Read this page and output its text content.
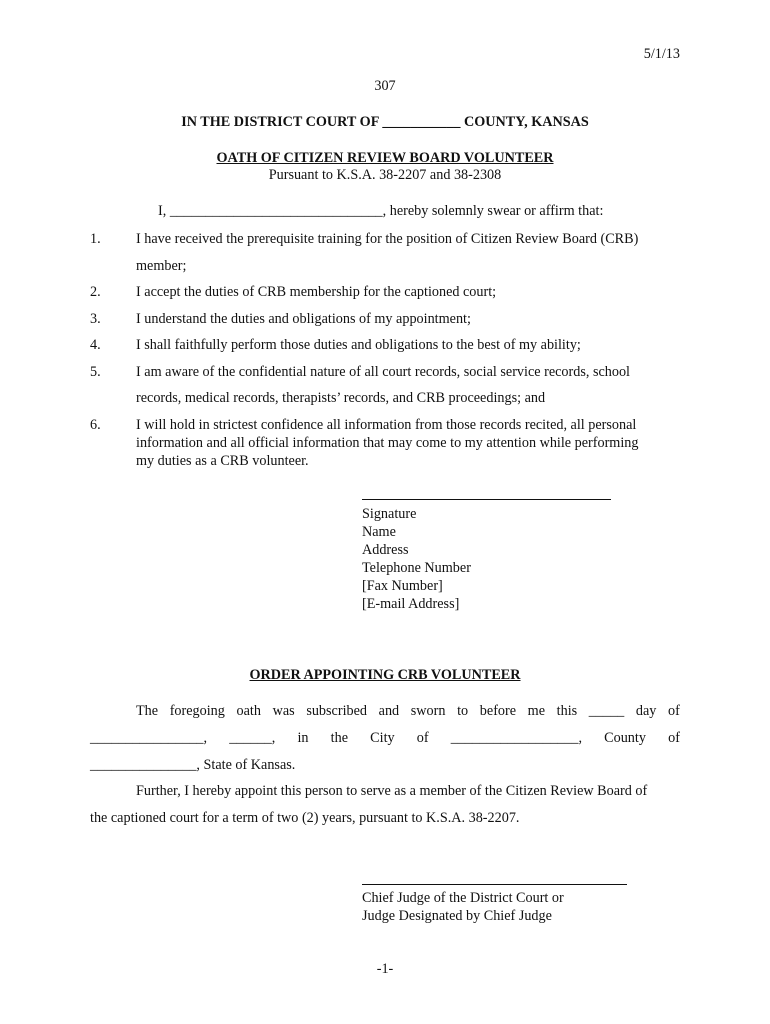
5/1/13
307
IN THE DISTRICT COURT OF ___________ COUNTY, KANSAS
OATH OF CITIZEN REVIEW BOARD VOLUNTEER
Pursuant to K.S.A. 38-2207 and 38-2308
I, ______________________________, hereby solemnly swear or affirm that:
1. I have received the prerequisite training for the position of Citizen Review Board (CRB)
member;
2. I accept the duties of CRB membership for the captioned court;
3. I understand the duties and obligations of my appointment;
4. I shall faithfully perform those duties and obligations to the best of my ability;
5. I am aware of the confidential nature of all court records, social service records, school
records, medical records, therapists’ records, and CRB proceedings; and
6. I will hold in strictest confidence all information from those records recited, all personal
information and all official information that may come to my attention while performing
my duties as a CRB volunteer.
Signature
Name
Address
Telephone Number
[Fax Number]
[E-mail Address]
ORDER APPOINTING CRB VOLUNTEER
The foregoing oath was subscribed and sworn to before me this _____ day of
________________, ______, in the City of __________________, County of
_______________, State of Kansas.
Further, I hereby appoint this person to serve as a member of the Citizen Review Board of
the captioned court for a term of two (2) years, pursuant to K.S.A. 38-2207.
Chief Judge of the District Court or
Judge Designated by Chief Judge
-1-
